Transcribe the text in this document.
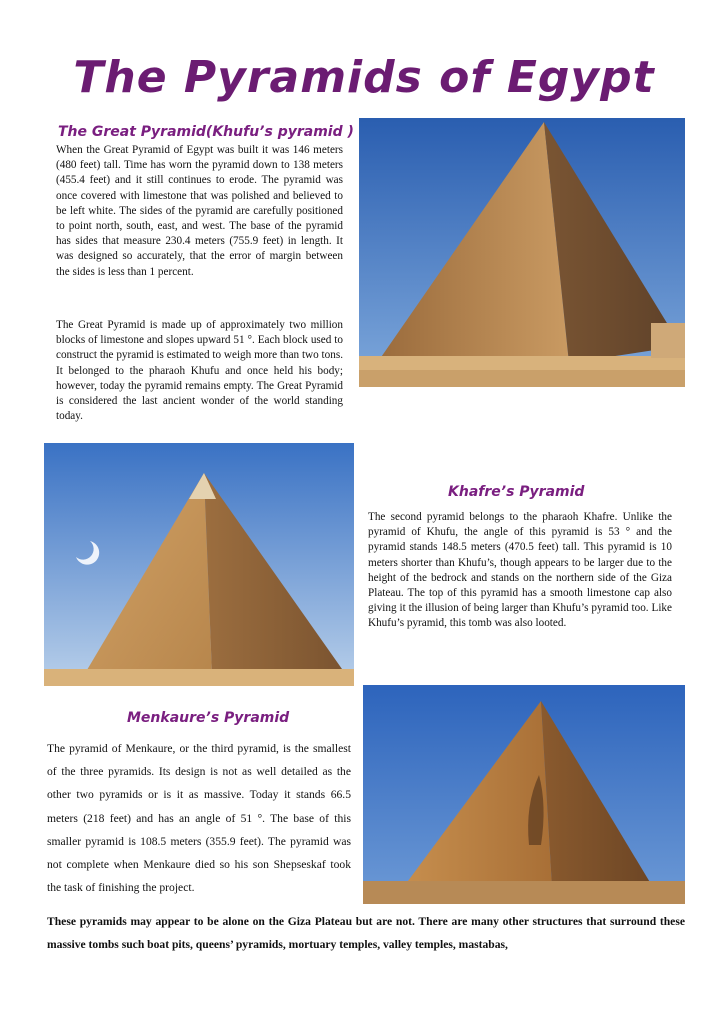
The Pyramids of Egypt
The Great Pyramid(Khufu’s pyramid )

When the Great Pyramid of Egypt was built it was 146 meters (480 feet) tall. Time has worn the pyramid down to 138 meters (455.4 feet) and it still continues to erode. The pyramid was once covered with limestone that was polished and believed to be left white. The sides of the pyramid are carefully positioned to point north, south, east, and west. The base of the pyramid has sides that measure 230.4 meters (755.9 feet) in length. It was designed so accurately, that the error of margin between the sides is less than 1 percent.

The Great Pyramid is made up of approximately two million blocks of limestone and slopes upward 51 °. Each block used to construct the pyramid is estimated to weigh more than two tons. It belonged to the pharaoh Khufu and once held his body; however, today the pyramid remains empty. The Great Pyramid is considered the last ancient wonder of the world standing today.

Khafre’s Pyramid

The second pyramid belongs to the pharaoh Khafre. Unlike the pyramid of Khufu, the angle of this pyramid is 53 ° and the pyramid stands 148.5 meters (470.5 feet) tall. This pyramid is 10 meters shorter than Khufu’s, though appears to be larger due to the height of the bedrock and stands on the northern side of the Giza Plateau. The top of this pyramid has a smooth limestone cap also giving it the illusion of being larger than Khufu’s pyramid too. Like Khufu’s pyramid, this tomb was also looted.

Menkaure’s Pyramid

The pyramid of Menkaure, or the third pyramid, is the smallest of the three pyramids. Its design is not as well detailed as the other two pyramids or is it as massive. Today it stands 66.5 meters (218 feet) and has an angle of 51 °. The base of this smaller pyramid is 108.5 meters (355.9 feet). The pyramid was not complete when Menkaure died so his son Shepseskaf took the task of finishing the project.

These pyramids may appear to be alone on the Giza Plateau but are not. There are many other structures that surround these massive tombs such boat pits, queens’ pyramids, mortuary temples, valley temples, mastabas,
